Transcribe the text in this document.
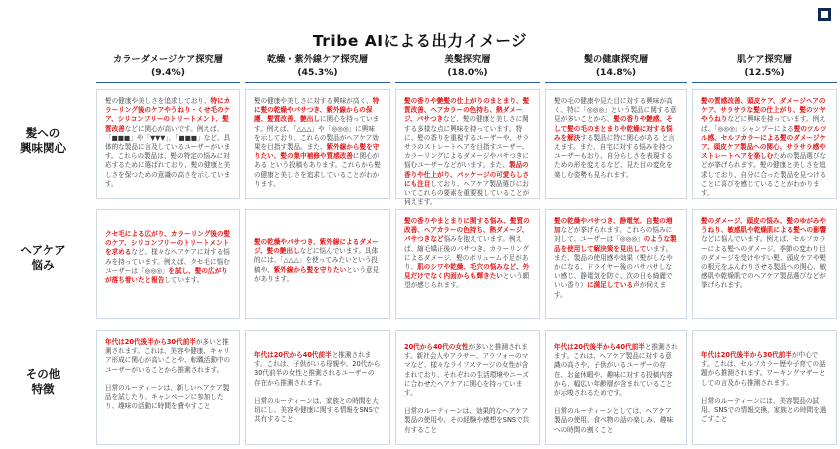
Tribe AIによる出力イメージ
カラーダメージケア探究層
(9.4%)
乾燥・紫外線ケア探究層
(45.3%)
美髪探究層
(18.0%)
髪の健康探究層
(14.8%)
肌ケア探究層
(12.5%)
髪への
興味関心
ヘアケア
悩み
その他
特徴

髪の健康や美しさを追求しており、特にカラーリング後のケアやうねり・くせ毛のケア、シリコンフリーのトリートメント、髪質改善などに関心が高いです。例えば、「■■■」や「▼▼▼」、「■■■」など、具体的な製品に言及しているユーザーがいます。これらの製品は、髪の特定の悩みに対応するために選ばれており、髪の健康と美しさを保つための意識の高さを示しています。

髪の健康や美しさに対する興味が高く、特に髪の乾燥やパサつき、紫外線からの保護、髪質改善、艶出しに関心を持っています。例えば、「△△△」や「◎◎◎」に興味を示しており、これらの製品がヘアケア効果を目指す製品。また、紫外線から髪を守りたい、髪の集中補修や質感改善に関心がある という投稿もあります。これらから髪の健康と美しさを追求していることがわかります。

髪の香りや艶髪の仕上がりのまとまり、髪質改善、ヘアカラーの色持ち、熱ダメージ、パサつきなど、髪の健康と美しさに関する多様な点に興味を持っています。特に、髪の香りを重視するユーザーや、サラサラのストレートヘアを目指すユーザー、カラーリングによるダメージやパサつきに悩むユーザーなどがいます。また、製品の香りや仕上がり、パッケージの可愛らしさにも注目しており、ヘアケア製品選びにおいてこれらの要素を重要視していることが伺えます。

髪の毛の健康や見た目に対する興味が高く、特に「◎◎◎」という製品に関する意見が多いことから、髪の香りや艶感、そして髪の毛のまとまりや乾燥に対する悩みを解決する製品に特に関心がある と言えます。また、自宅に対する悩みを持つユーザーもおり、自分らしさを表現するための形を変えるなど、見た目の変化を楽しむ姿勢も見られます。

髪の質感改善、頭皮ケア、ダメージヘアのケア、サラサラな髪の仕上がり、髪のツヤやうねりなどに興味を持っています。例えば、「◎◎◎」シャンプーによる髪のツルツル感、セルフカラーによる髪のダメージケア、頭皮ケア製品への関心、サラサラ感やストレートヘアを楽しむための製品選びなどが挙げられます。髪の健康と美しさを追求しており、自分に合った製品を見つけることに喜びを感じていることがわかります。

クセ毛による広がり、カラーリング後の髪のケア、シリコンフリーのトリートメントを求めるなど、様々なヘアケアに対する悩みを持っています。例えば、クセ毛に悩むユーザーは「◎◎◎」を試し、髪の広がりが落ち着いたと報告しています。

髪の乾燥やパサつき、紫外線によるダメージ、髪の艶出しなどに悩んでいます。具体的には、「△△△」を使ってみたいという投稿や、紫外線から髪を守りたいという意見があります。

髪の香りやまとまりに関する悩み、髪質の改善、ヘアカラーの色持ち、熱ダメージ、パサつきなど悩みを抱えています。例えば、縮毛矯正後のパサつき、カラーリングによるダメージ、髪のボリューム不足があり、肌のシワや乾燥、毛穴の悩みなど、外見だけでなく内面からも輝きたいという願望が感じられます。

髪の乾燥やパサつき、静電気、自髪の増加などが挙げられます。これらの悩みに対して、ユーザーは「◎◎◎」のような製品を使用して解決策を見出しています。また、製品の使用感や効果（髪がしなやかになる、ドライヤー後のパサパサしない感じ、静電気を防ぐ、次の日も綺麗でいい香り）に満足している声が伺えます。

髪のダメージ、頭皮の悩み、髪のゆがみやうねり、敏感肌や乾燥肌による髪への影響などに悩んでいます。例えば、セルフカラーによる髪へのダメージ、季節の変わり目のダメージを受けやすい髪、頭皮ケアや髪の根元をふんわりさせる製品への関心、敏感肌や乾燥肌でのヘアケア製品選びなどが挙げられます。

年代は20代後半から30代前半が多いと推測されます。これは、美容や健康、キャリア形成に関心が高いことや、転職活動中のユーザーがいることから推測されます。

日常のルーティーンは、新しいヘアケア製品を試したり、キャンペーンに参加したり、趣味の活動に時間を費やすこと

年代は20代から40代前半と推測されます。これは、子供がいる母親や、20代から30代前半の女性と推測されるユーザーの存在から推測されます。

日常のルーティーンは、家族との時間を大切にし、美容や健康に関する情報をSNSで共有すること

20代から40代の女性が多いと推測されます。新社会人やアラサー、アラフォーのママなど、様々なライフステージの女性が含まれており、それぞれの生活環境やニーズに合わせたヘアケアに関心を持っています。

日常のルーティーンは、効果的なヘアケア製品の使用や、その経験や感想をSNSで共有すること

年代は20代後半から40代前半と推測されます。これは、ヘアケア製品に対する意識の高さや、子供がいるユーザーの存在、お盆休暇や、趣味に対する投稿内容から、幅広い年齢層が含まれていることが示唆されるためです。

日常のルーティーンとしては、ヘアケア製品の使用、食べ物の話の楽しみ、趣味への時間の割くこと

年代は20代後半から30代前半が中心です。これは、セルフカラー歴や子育ての話題から推測されます。ワーキングマザーとしての言及から推測されます。

日常のルーティーンには、美容製品の試用、SNSでの情報交換、家族との時間を過ごすこと
